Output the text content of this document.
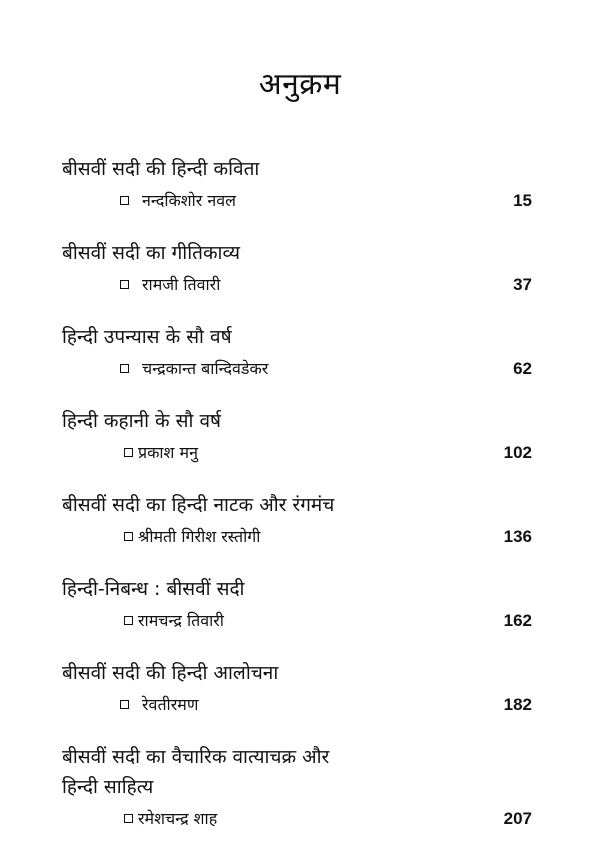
अनुक्रम
बीसवीं सदी की हिन्दी कविता
नन्दकिशोर नवल	15
बीसवीं सदी का गीतिकाव्य
रामजी तिवारी	37
हिन्दी उपन्यास के सौ वर्ष
चन्द्रकान्त बान्दिवडेकर	62
हिन्दी कहानी के सौ वर्ष
प्रकाश मनु	102
बीसवीं सदी का हिन्दी नाटक और रंगमंच
श्रीमती गिरीश रस्तोगी	136
हिन्दी-निबन्ध : बीसवीं सदी
रामचन्द्र तिवारी	162
बीसवीं सदी की हिन्दी आलोचना
रेवतीरमण	182
बीसवीं सदी का वैचारिक वात्याचक्र और
हिन्दी साहित्य
रमेशचन्द्र शाह	207
